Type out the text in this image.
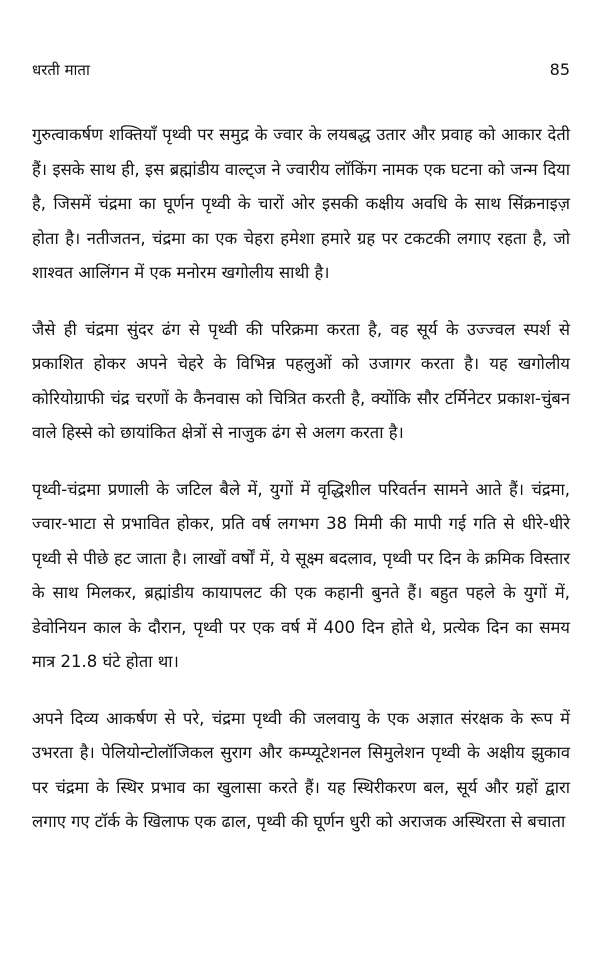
धरती माता	85

गुरुत्वाकर्षण शक्तियाँ पृथ्वी पर समुद्र के ज्वार के लयबद्ध उतार और प्रवाह को आकार देती हैं। इसके साथ ही, इस ब्रह्मांडीय वाल्ट्ज ने ज्वारीय लॉकिंग नामक एक घटना को जन्म दिया है, जिसमें चंद्रमा का घूर्णन पृथ्वी के चारों ओर इसकी कक्षीय अवधि के साथ सिंक्रनाइज़ होता है। नतीजतन, चंद्रमा का एक चेहरा हमेशा हमारे ग्रह पर टकटकी लगाए रहता है, जो शाश्वत आलिंगन में एक मनोरम खगोलीय साथी है।

जैसे ही चंद्रमा सुंदर ढंग से पृथ्वी की परिक्रमा करता है, वह सूर्य के उज्ज्वल स्पर्श से प्रकाशित होकर अपने चेहरे के विभिन्न पहलुओं को उजागर करता है। यह खगोलीय कोरियोग्राफी चंद्र चरणों के कैनवास को चित्रित करती है, क्योंकि सौर टर्मिनेटर प्रकाश-चुंबन वाले हिस्से को छायांकित क्षेत्रों से नाजुक ढंग से अलग करता है।

पृथ्वी-चंद्रमा प्रणाली के जटिल बैले में, युगों में वृद्धिशील परिवर्तन सामने आते हैं। चंद्रमा, ज्वार-भाटा से प्रभावित होकर, प्रति वर्ष लगभग 38 मिमी की मापी गई गति से धीरे-धीरे पृथ्वी से पीछे हट जाता है। लाखों वर्षों में, ये सूक्ष्म बदलाव, पृथ्वी पर दिन के क्रमिक विस्तार के साथ मिलकर, ब्रह्मांडीय कायापलट की एक कहानी बुनते हैं। बहुत पहले के युगों में, डेवोनियन काल के दौरान, पृथ्वी पर एक वर्ष में 400 दिन होते थे, प्रत्येक दिन का समय मात्र 21.8 घंटे होता था।

अपने दिव्य आकर्षण से परे, चंद्रमा पृथ्वी की जलवायु के एक अज्ञात संरक्षक के रूप में उभरता है। पेलियोन्टोलॉजिकल सुराग और कम्प्यूटेशनल सिमुलेशन पृथ्वी के अक्षीय झुकाव पर चंद्रमा के स्थिर प्रभाव का खुलासा करते हैं। यह स्थिरीकरण बल, सूर्य और ग्रहों द्वारा लगाए गए टॉर्क के खिलाफ एक ढाल, पृथ्वी की घूर्णन धुरी को अराजक अस्थिरता से बचाता
